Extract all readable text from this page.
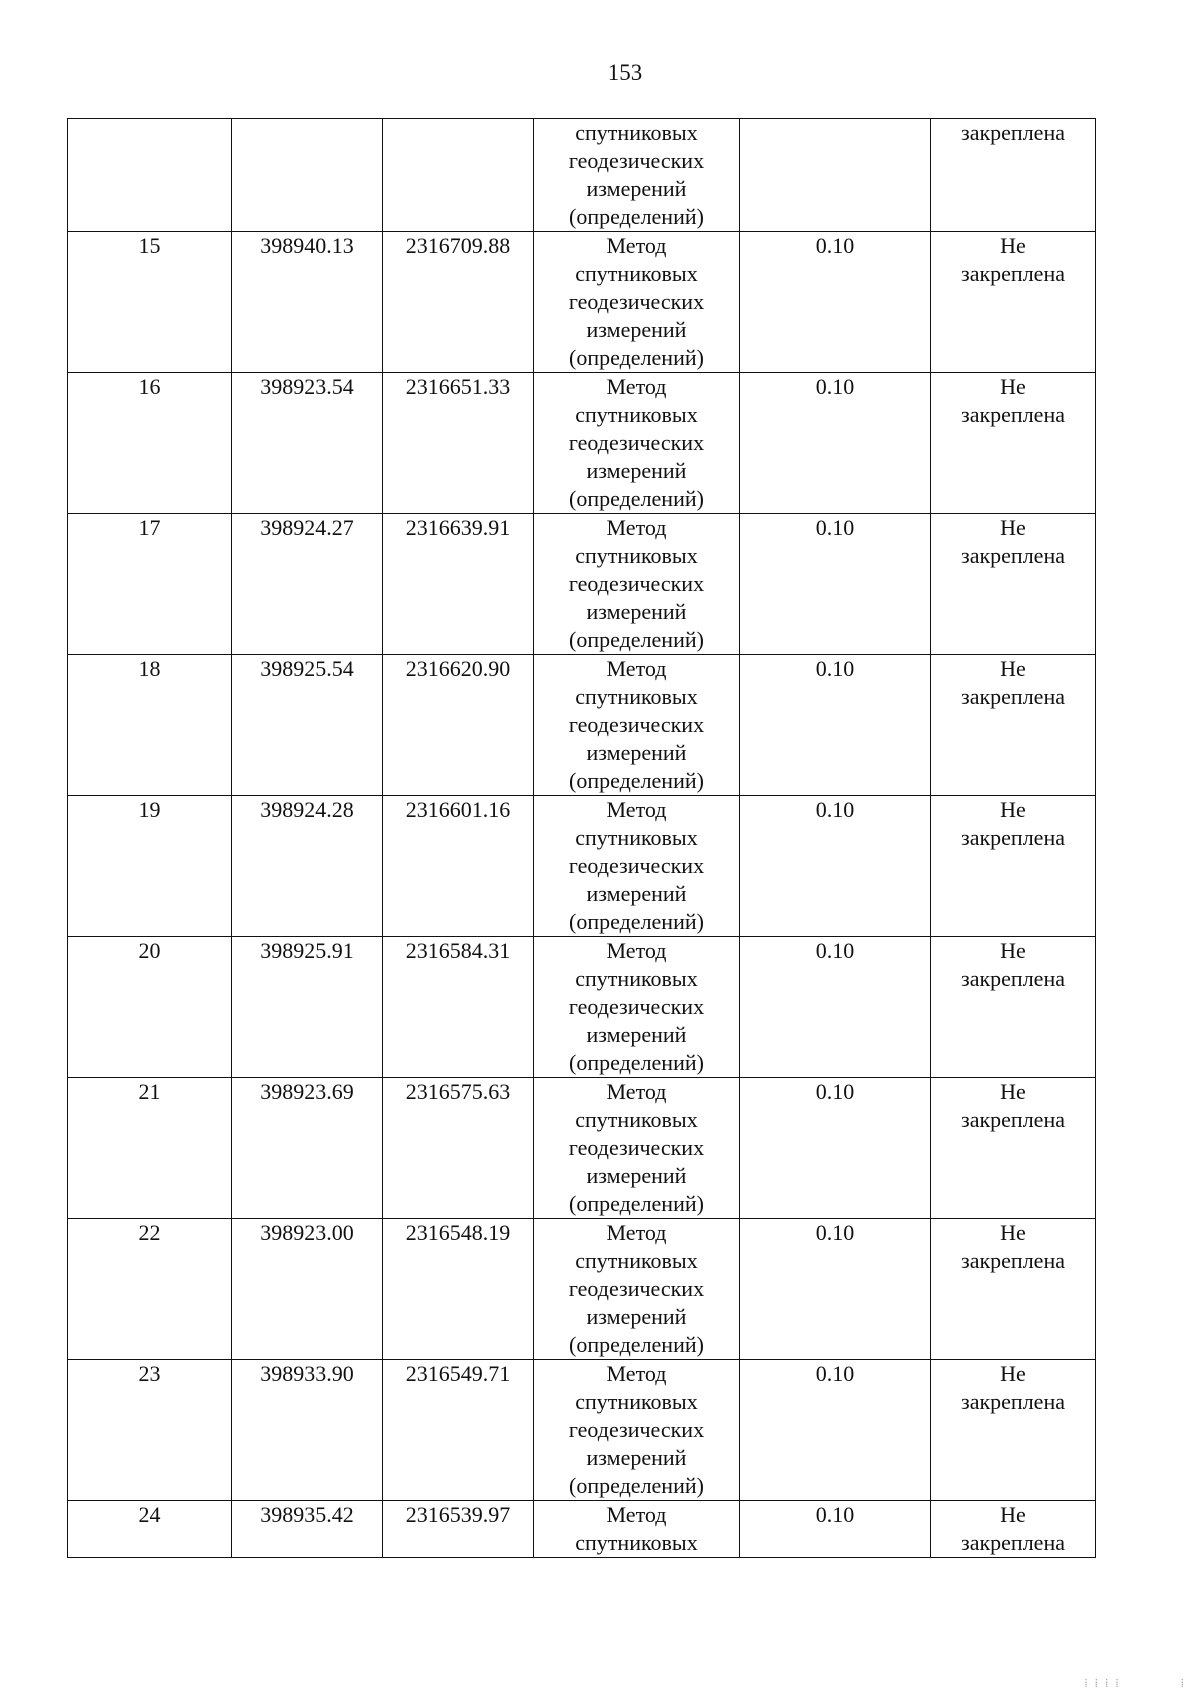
153

			спутниковых
геодезических
измерений
(определений)		закреплена

15	398940.13	2316709.88	Метод
спутниковых
геодезических
измерений
(определений)	0.10	Не
закреплена

16	398923.54	2316651.33	Метод
спутниковых
геодезических
измерений
(определений)	0.10	Не
закреплена

17	398924.27	2316639.91	Метод
спутниковых
геодезических
измерений
(определений)	0.10	Не
закреплена

18	398925.54	2316620.90	Метод
спутниковых
геодезических
измерений
(определений)	0.10	Не
закреплена

19	398924.28	2316601.16	Метод
спутниковых
геодезических
измерений
(определений)	0.10	Не
закреплена

20	398925.91	2316584.31	Метод
спутниковых
геодезических
измерений
(определений)	0.10	Не
закреплена

21	398923.69	2316575.63	Метод
спутниковых
геодезических
измерений
(определений)	0.10	Не
закреплена

22	398923.00	2316548.19	Метод
спутниковых
геодезических
измерений
(определений)	0.10	Не
закреплена

23	398933.90	2316549.71	Метод
спутниковых
геодезических
измерений
(определений)	0.10	Не
закреплена

24	398935.42	2316539.97	Метод
спутниковых	0.10	Не
закреплена
⁞ ⁞ ⁞ ⁞            ⁞
